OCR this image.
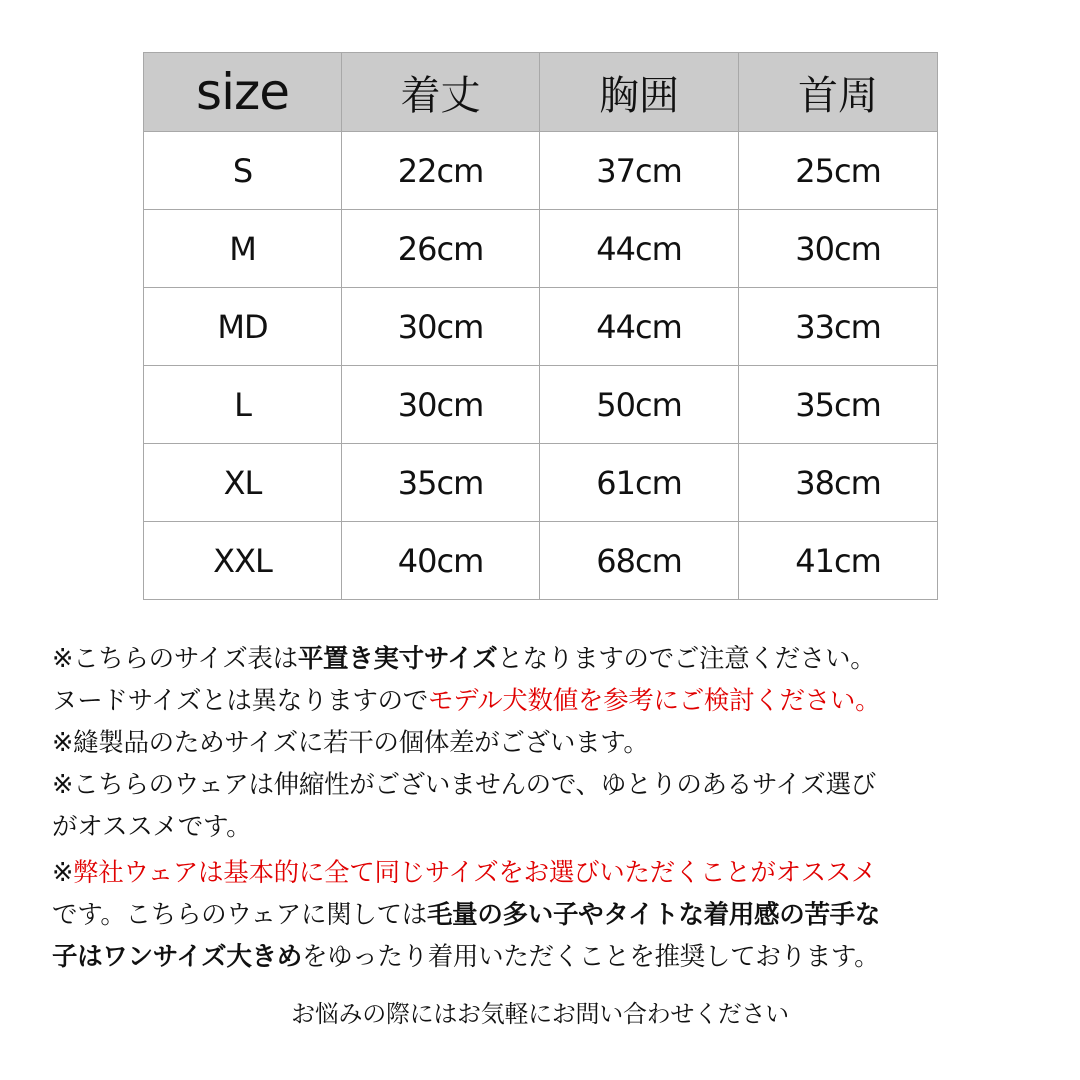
size	着丈	胸囲	首周
S	22cm	37cm	25cm
M	26cm	44cm	30cm
MD	30cm	44cm	33cm
L	30cm	50cm	35cm
XL	35cm	61cm	38cm
XXL	40cm	68cm	41cm

※こちらのサイズ表は平置き実寸サイズとなりますのでご注意ください。

ヌードサイズとは異なりますのでモデル犬数値を参考にご検討ください。

※縫製品のためサイズに若干の個体差がございます。

※こちらのウェアは伸縮性がございませんので、ゆとりのあるサイズ選び
がオススメです。

※弊社ウェアは基本的に全て同じサイズをお選びいただくことがオススメ
です。こちらのウェアに関しては毛量の多い子やタイトな着用感の苦手な
子はワンサイズ大きめをゆったり着用いただくことを推奨しております。

お悩みの際にはお気軽にお問い合わせください
